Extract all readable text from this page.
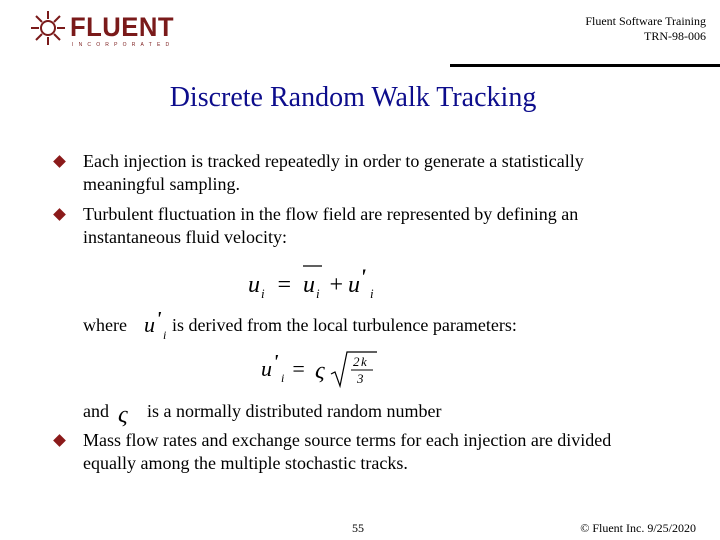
FLUENT
INCORPORATED
Fluent Software Training
TRN-98-006
Discrete Random Walk Tracking
Each injection is tracked repeatedly in order to generate a statistically meaningful sampling.
Turbulent fluctuation in the flow field are represented by defining an instantaneous fluid velocity:
u i = u i + u '
i
where u '
i is derived from the local turbulence parameters:
u '
i = ς 2 k
3
and ς is a normally distributed random number
Mass flow rates and exchange source terms for each injection are divided equally among the multiple stochastic tracks.
55	© Fluent Inc. 9/25/2020
